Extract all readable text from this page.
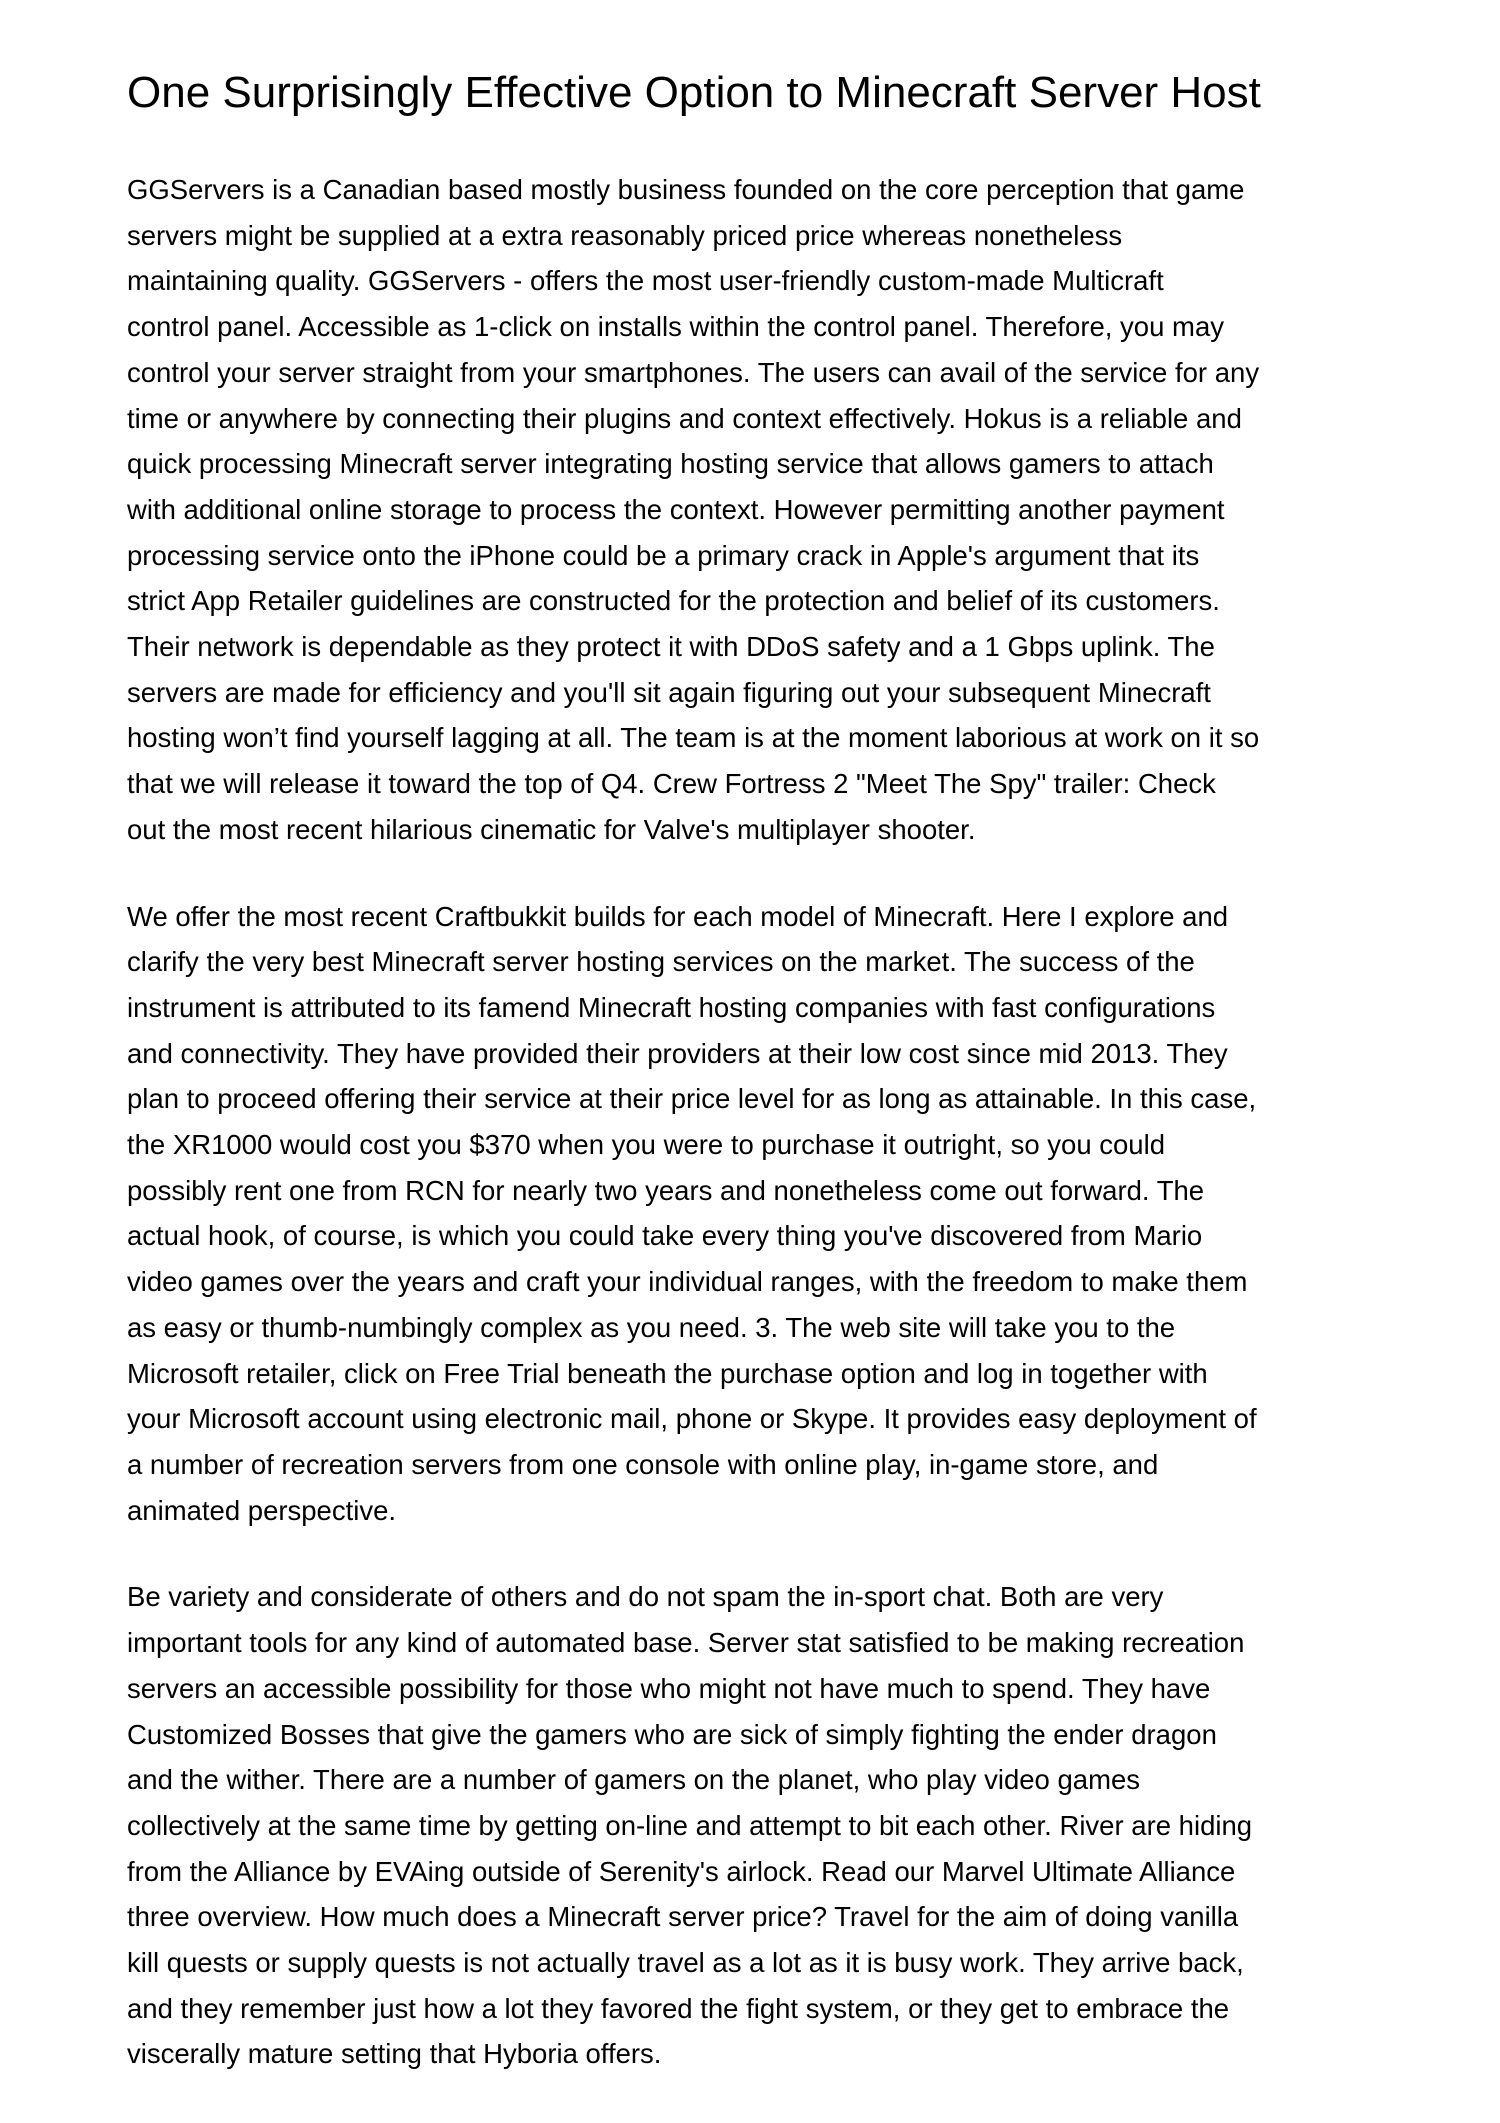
One Surprisingly Effective Option to Minecraft Server Host

GGServers is a Canadian based mostly business founded on the core perception that game
servers might be supplied at a extra reasonably priced price whereas nonetheless
maintaining quality. GGServers - offers the most user-friendly custom-made Multicraft
control panel. Accessible as 1-click on installs within the control panel. Therefore, you may
control your server straight from your smartphones. The users can avail of the service for any
time or anywhere by connecting their plugins and context effectively. Hokus is a reliable and
quick processing Minecraft server integrating hosting service that allows gamers to attach
with additional online storage to process the context. However permitting another payment
processing service onto the iPhone could be a primary crack in Apple's argument that its
strict App Retailer guidelines are constructed for the protection and belief of its customers.
Their network is dependable as they protect it with DDoS safety and a 1 Gbps uplink. The
servers are made for efficiency and you'll sit again figuring out your subsequent Minecraft
hosting won’t find yourself lagging at all. The team is at the moment laborious at work on it so
that we will release it toward the top of Q4. Crew Fortress 2 "Meet The Spy" trailer: Check
out the most recent hilarious cinematic for Valve's multiplayer shooter.

We offer the most recent Craftbukkit builds for each model of Minecraft. Here I explore and
clarify the very best Minecraft server hosting services on the market. The success of the
instrument is attributed to its famend Minecraft hosting companies with fast configurations
and connectivity. They have provided their providers at their low cost since mid 2013. They
plan to proceed offering their service at their price level for as long as attainable. In this case,
the XR1000 would cost you $370 when you were to purchase it outright, so you could
possibly rent one from RCN for nearly two years and nonetheless come out forward. The
actual hook, of course, is which you could take every thing you've discovered from Mario
video games over the years and craft your individual ranges, with the freedom to make them
as easy or thumb-numbingly complex as you need. 3. The web site will take you to the
Microsoft retailer, click on Free Trial beneath the purchase option and log in together with
your Microsoft account using electronic mail, phone or Skype. It provides easy deployment of
a number of recreation servers from one console with online play, in-game store, and
animated perspective.

Be variety and considerate of others and do not spam the in-sport chat. Both are very
important tools for any kind of automated base. Server stat satisfied to be making recreation
servers an accessible possibility for those who might not have much to spend. They have
Customized Bosses that give the gamers who are sick of simply fighting the ender dragon
and the wither. There are a number of gamers on the planet, who play video games
collectively at the same time by getting on-line and attempt to bit each other. River are hiding
from the Alliance by EVAing outside of Serenity's airlock. Read our Marvel Ultimate Alliance
three overview. How much does a Minecraft server price? Travel for the aim of doing vanilla
kill quests or supply quests is not actually travel as a lot as it is busy work. They arrive back,
and they remember just how a lot they favored the fight system, or they get to embrace the
viscerally mature setting that Hyboria offers.
